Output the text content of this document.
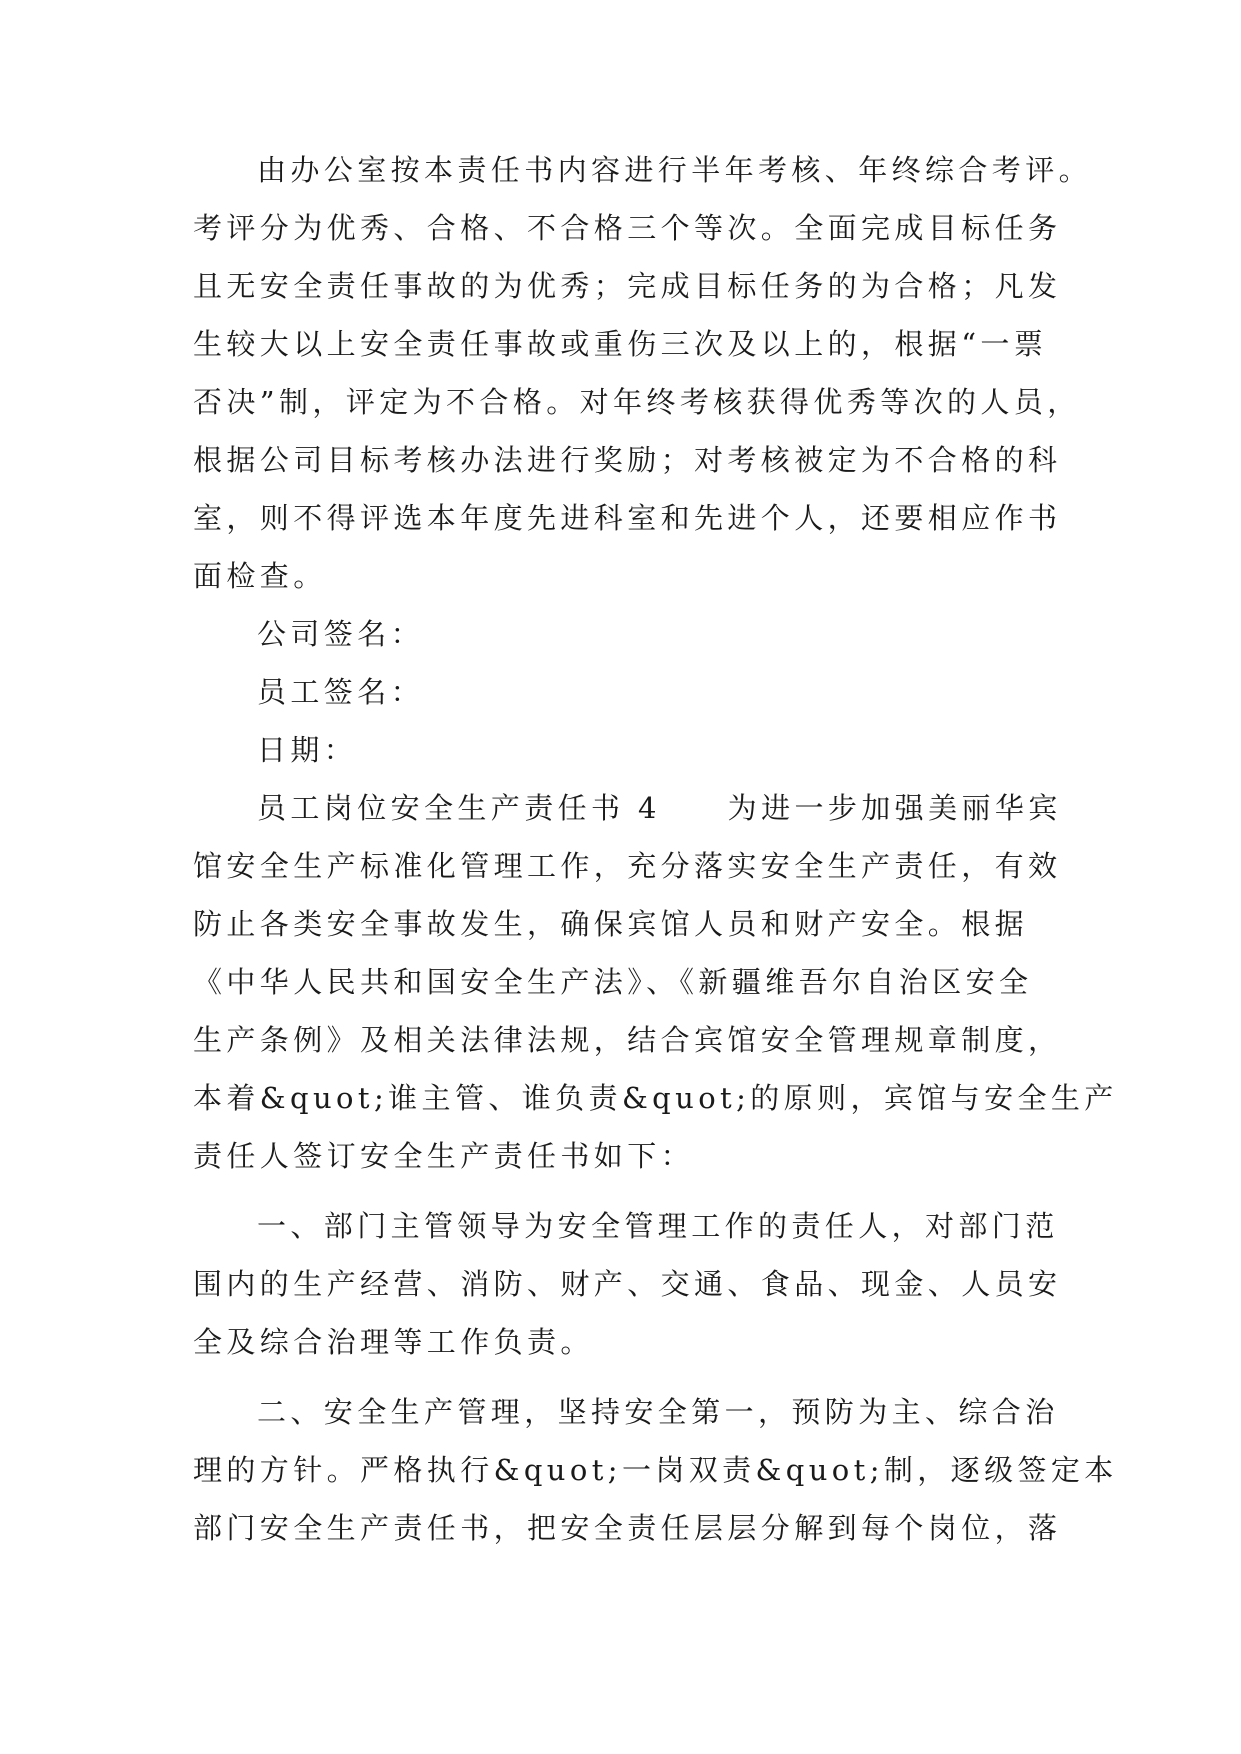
由办公室按本责任书内容进行半年考核、年终综合考评。
考评分为优秀、合格、不合格三个等次。全面完成目标任务
且无安全责任事故的为优秀；完成目标任务的为合格；凡发
生较大以上安全责任事故或重伤三次及以上的，根据“一票
否决”制，评定为不合格。对年终考核获得优秀等次的人员，
根据公司目标考核办法进行奖励；对考核被定为不合格的科
室，则不得评选本年度先进科室和先进个人，还要相应作书
面检查。
公司签名：
员工签名：
日期：
员工岗位安全生产责任书 4　　为进一步加强美丽华宾
馆安全生产标准化管理工作，充分落实安全生产责任，有效
防止各类安全事故发生，确保宾馆人员和财产安全。根据
《中华人民共和国安全生产法》、《新疆维吾尔自治区安全
生产条例》及相关法律法规，结合宾馆安全管理规章制度，
本着&quot;谁主管、谁负责&quot;的原则，宾馆与安全生产
责任人签订安全生产责任书如下：
一、部门主管领导为安全管理工作的责任人，对部门范
围内的生产经营、消防、财产、交通、食品、现金、人员安
全及综合治理等工作负责。
二、安全生产管理，坚持安全第一，预防为主、综合治
理的方针。严格执行&quot;一岗双责&quot;制，逐级签定本
部门安全生产责任书，把安全责任层层分解到每个岗位，落
